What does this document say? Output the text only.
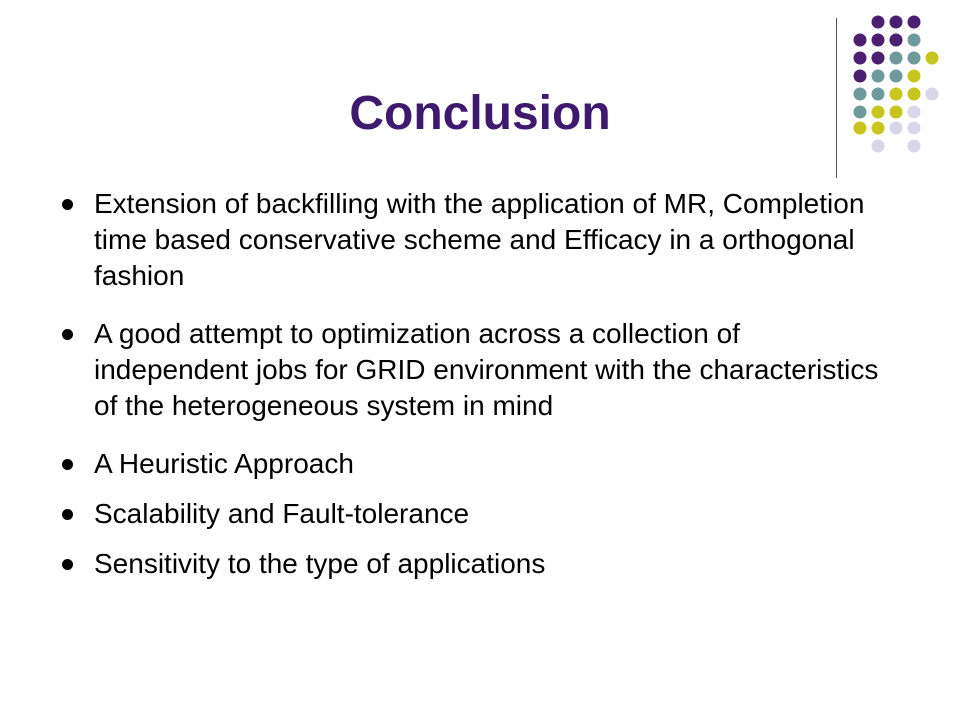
Conclusion
Extension of backfilling with the application of MR, Completion time based conservative scheme and Efficacy in a orthogonal fashion
A good attempt to optimization across a collection of independent jobs for GRID environment with the characteristics of the heterogeneous system in mind
A Heuristic Approach
Scalability and Fault-tolerance
Sensitivity to the type of applications
